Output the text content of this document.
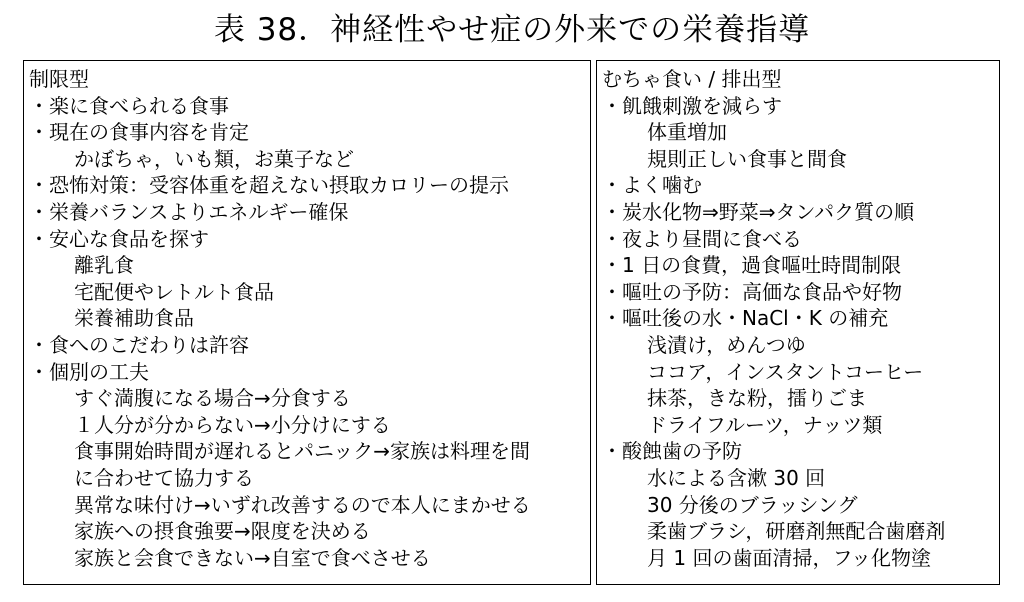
表 38．神経性やせ症の外来での栄養指導
制限型
・楽に食べられる食事
・現在の食事内容を肯定
かぼちゃ，いも類，お菓子など
・恐怖対策：受容体重を超えない摂取カロリーの提示
・栄養バランスよりエネルギー確保
・安心な食品を探す
離乳食
宅配便やレトルト食品
栄養補助食品
・食へのこだわりは許容
・個別の工夫
すぐ満腹になる場合→分食する
１人分が分からない→小分けにする
食事開始時間が遅れるとパニック→家族は料理を間
に合わせて協力する
異常な味付け→いずれ改善するので本人にまかせる
家族への摂食強要→限度を決める
家族と会食できない→自室で食べさせる
むちゃ食い / 排出型
・飢餓刺激を減らす
体重増加
規則正しい食事と間食
・よく噛む
・炭水化物⇒野菜⇒タンパク質の順
・夜より昼間に食べる
・1 日の食費，過食嘔吐時間制限
・嘔吐の予防：高価な食品や好物
・嘔吐後の水・NaCl・K の補充
浅漬け，めんつゆ
ココア，インスタントコーヒー
抹茶，きな粉，擂りごま
ドライフルーツ，ナッツ類
・酸蝕歯の予防
水による含漱 30 回
30 分後のブラッシング
柔歯ブラシ，研磨剤無配合歯磨剤
月 1 回の歯面清掃，フッ化物塗
